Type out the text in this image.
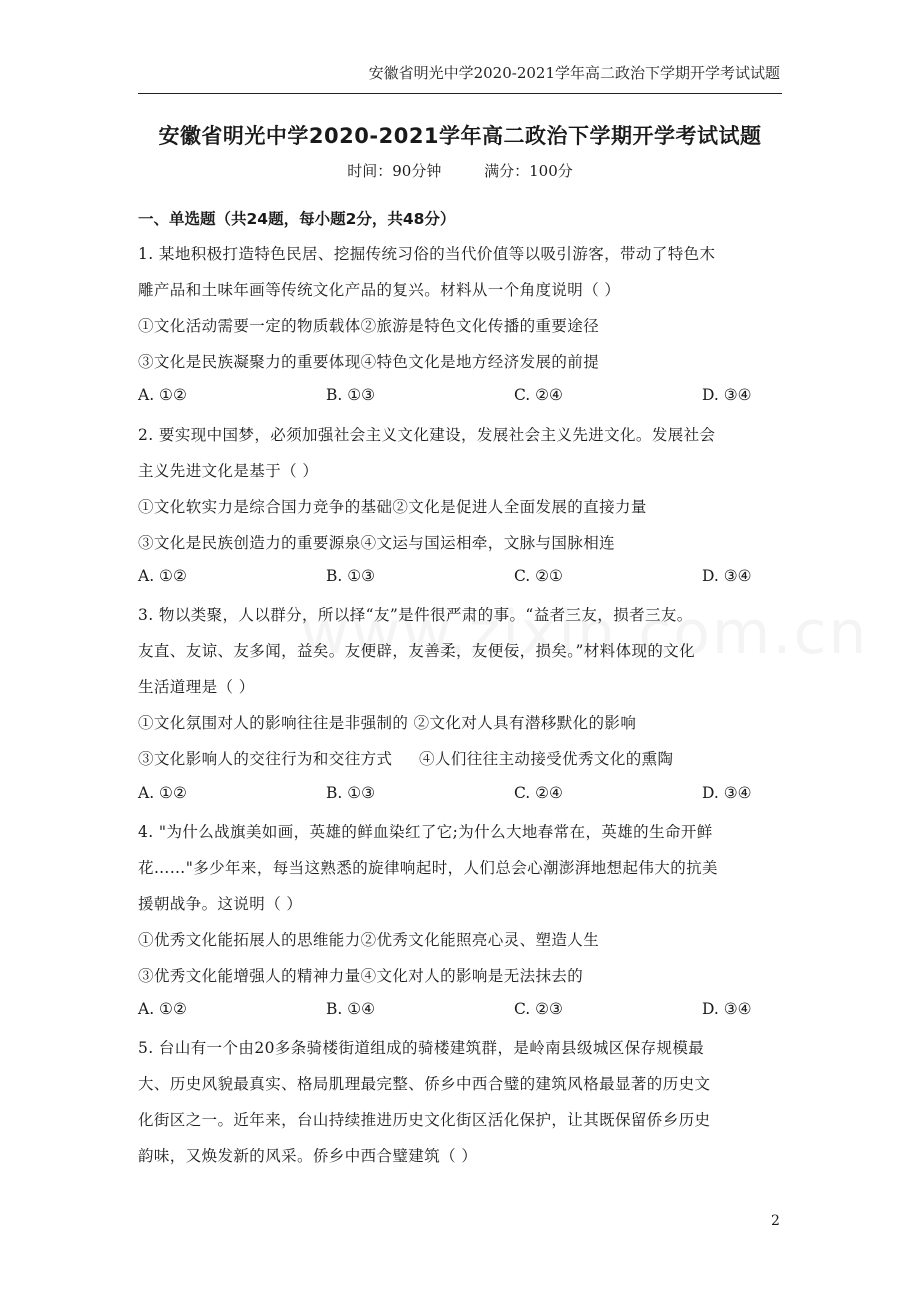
安徽省明光中学2020-2021学年高二政治下学期开学考试试题
安徽省明光中学2020-2021学年高二政治下学期开学考试试题
时间：90分钟	满分：100分
一、单选题（共24题，每小题2分，共48分）
1. 某地积极打造特色民居、挖掘传统习俗的当代价值等以吸引游客，带动了特色木
雕产品和土味年画等传统文化产品的复兴。材料从一个角度说明（ ）
①文化活动需要一定的物质载体②旅游是特色文化传播的重要途径
③文化是民族凝聚力的重要体现④特色文化是地方经济发展的前提
A. ①②	B. ①③	C. ②④	D. ③④
2. 要实现中国梦，必须加强社会主义文化建设，发展社会主义先进文化。发展社会
主义先进文化是基于（ ）
①文化软实力是综合国力竞争的基础②文化是促进人全面发展的直接力量
③文化是民族创造力的重要源泉④文运与国运相牵，文脉与国脉相连
A. ①②	B. ①③	C. ②①	D. ③④
3. 物以类聚，人以群分，所以择“友”是件很严肃的事。“益者三友，损者三友。
友直、友谅、友多闻，益矣。友便辟，友善柔，友便佞，损矣。”材料体现的文化
生活道理是（ ）
①文化氛围对人的影响往往是非强制的 ②文化对人具有潜移默化的影响
③文化影响人的交往行为和交往方式     ④人们往往主动接受优秀文化的熏陶
A. ①②	B. ①③	C. ②④	D. ③④
4. "为什么战旗美如画，英雄的鲜血染红了它;为什么大地春常在，英雄的生命开鲜
花……"多少年来，每当这熟悉的旋律响起时，人们总会心潮澎湃地想起伟大的抗美
援朝战争。这说明（ ）
①优秀文化能拓展人的思维能力②优秀文化能照亮心灵、塑造人生
③优秀文化能增强人的精神力量④文化对人的影响是无法抹去的
A. ①②	B. ①④	C. ②③	D. ③④
5. 台山有一个由20多条骑楼街道组成的骑楼建筑群，是岭南县级城区保存规模最
大、历史风貌最真实、格局肌理最完整、侨乡中西合璧的建筑风格最显著的历史文
化街区之一。近年来，台山持续推进历史文化街区活化保护，让其既保留侨乡历史
韵味，又焕发新的风采。侨乡中西合璧建筑（ ）
2
